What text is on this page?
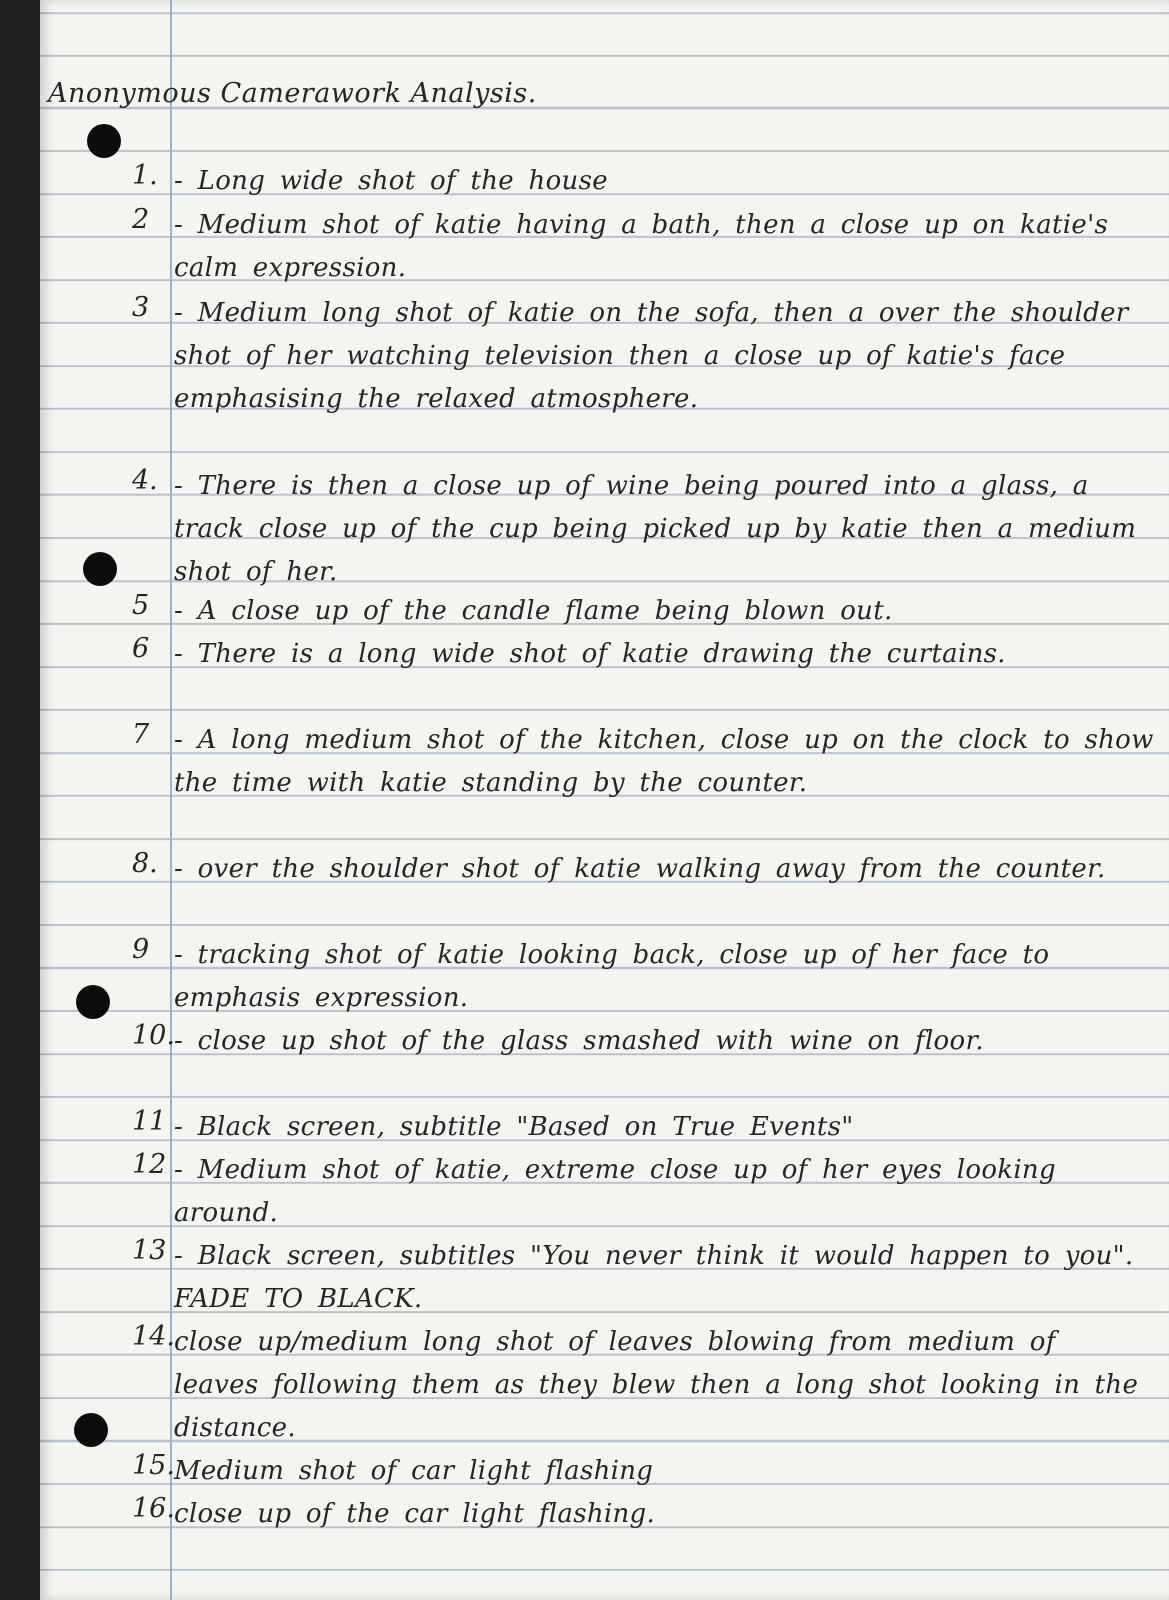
Anonymous Camerawork Analysis.
1. - Long wide shot of the house
2 - Medium shot of katie having a bath, then a close up on katie's calm expression.
3 - Medium long shot of katie on the sofa, then a over the shoulder shot of her watching television then a close up of katie's face emphasising the relaxed atmosphere.
4. - There is then a close up of wine being poured into a glass, a track close up of the cup being picked up by katie then a medium shot of her.
5 - A close up of the candle flame being blown out.
6 - There is a long wide shot of katie drawing the curtains.
7 - A long medium shot of the kitchen, close up on the clock to show the time with katie standing by the counter.
8. - over the shoulder shot of katie walking away from the counter.
9 - tracking shot of katie looking back, close up of her face to emphasis expression.
10. - close up shot of the glass smashed with wine on floor.
11 - Black screen, subtitle "Based on True Events"
12 - Medium shot of katie, extreme close up of her eyes looking around.
13 - Black screen, subtitles "You never think it would happen to you". FADE TO BLACK.
14. close up/medium long shot of leaves blowing from medium of leaves following them as they blew then a long shot looking in the distance.
15. Medium shot of car light flashing
16. close up of the car light flashing.
